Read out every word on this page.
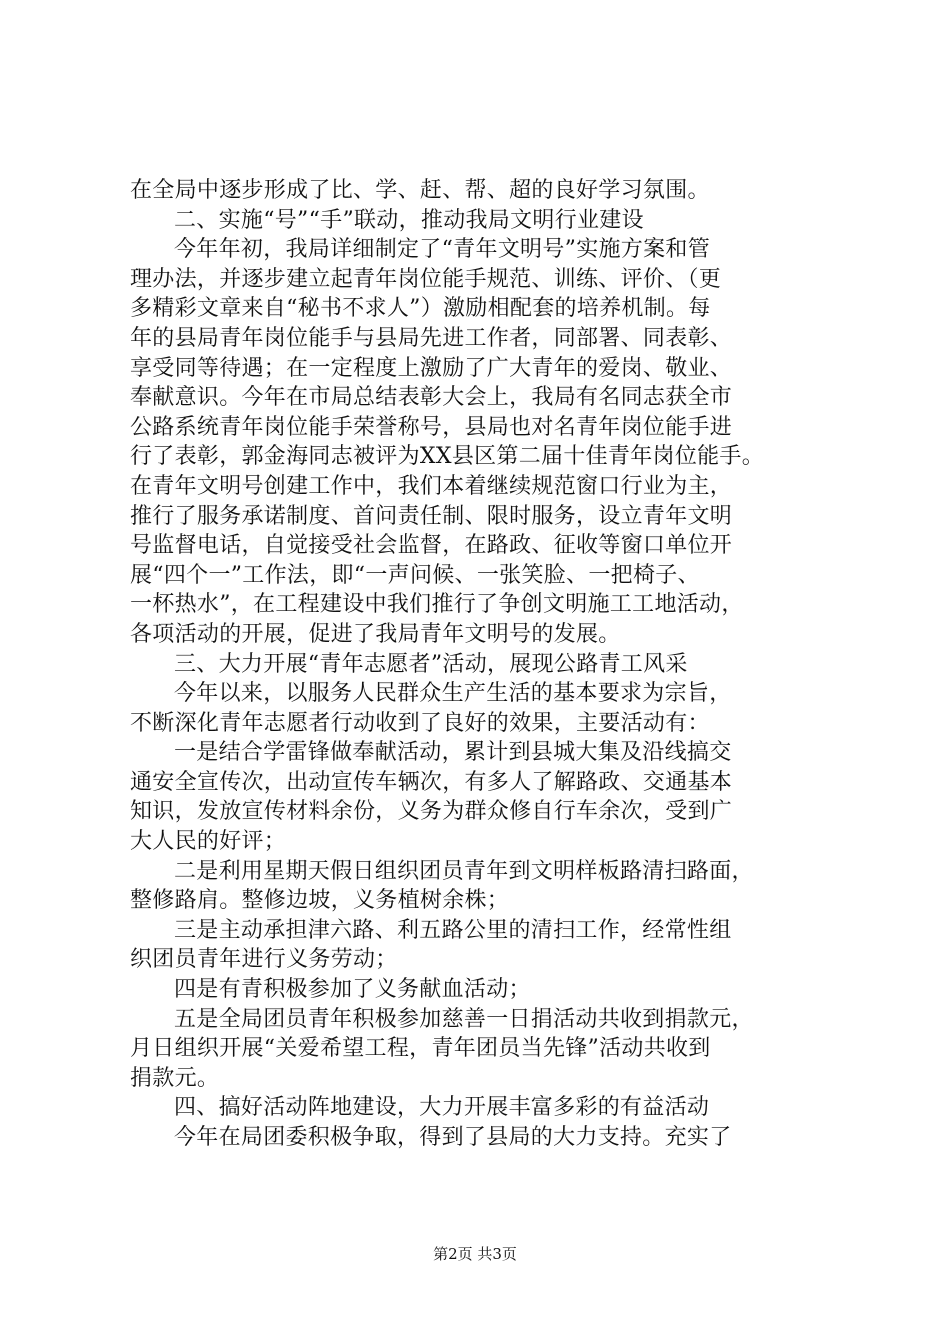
在全局中逐步形成了比、学、赶、帮、超的良好学习氛围。
二、实施“号”“手”联动，推动我局文明行业建设
今年年初，我局详细制定了“青年文明号”实施方案和管
理办法，并逐步建立起青年岗位能手规范、训练、评价、（更
多精彩文章来自“秘书不求人”）激励相配套的培养机制。每
年的县局青年岗位能手与县局先进工作者，同部署、同表彰、
享受同等待遇；在一定程度上激励了广大青年的爱岗、敬业、
奉献意识。今年在市局总结表彰大会上，我局有名同志获全市
公路系统青年岗位能手荣誉称号，县局也对名青年岗位能手进
行了表彰，郭金海同志被评为XX县区第二届十佳青年岗位能手。
在青年文明号创建工作中，我们本着继续规范窗口行业为主，
推行了服务承诺制度、首问责任制、限时服务，设立青年文明
号监督电话，自觉接受社会监督，在路政、征收等窗口单位开
展“四个一”工作法，即“一声问候、一张笑脸、一把椅子、
一杯热水”，在工程建设中我们推行了争创文明施工工地活动，
各项活动的开展，促进了我局青年文明号的发展。
三、大力开展“青年志愿者”活动，展现公路青工风采
今年以来，以服务人民群众生产生活的基本要求为宗旨，
不断深化青年志愿者行动收到了良好的效果，主要活动有：
一是结合学雷锋做奉献活动，累计到县城大集及沿线搞交
通安全宣传次，出动宣传车辆次，有多人了解路政、交通基本
知识，发放宣传材料余份，义务为群众修自行车余次，受到广
大人民的好评；
二是利用星期天假日组织团员青年到文明样板路清扫路面，
整修路肩。整修边坡，义务植树余株；
三是主动承担津六路、利五路公里的清扫工作，经常性组
织团员青年进行义务劳动；
四是有青积极参加了义务献血活动；
五是全局团员青年积极参加慈善一日捐活动共收到捐款元，
月日组织开展“关爱希望工程，青年团员当先锋”活动共收到
捐款元。
四、搞好活动阵地建设，大力开展丰富多彩的有益活动
今年在局团委积极争取，得到了县局的大力支持。充实了
第2页 共3页
